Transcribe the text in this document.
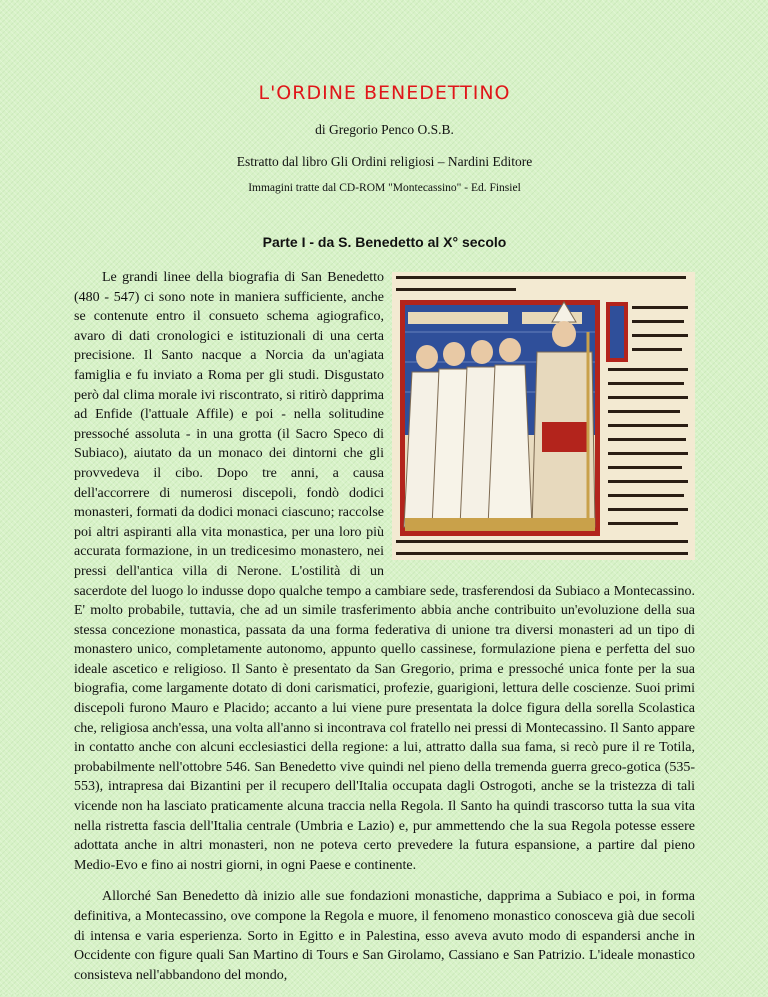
L'ORDINE BENEDETTINO
di Gregorio Penco O.S.B.
Estratto dal libro Gli Ordini religiosi – Nardini Editore
Immagini tratte dal CD-ROM "Montecassino" - Ed. Finsiel
Parte I - da S. Benedetto al X° secolo

Le grandi linee della biografia di San Benedetto (480 - 547) ci sono note in maniera sufficiente, anche se contenute entro il consueto schema agiografico, avaro di dati cronologici e istituzionali di una certa precisione. Il Santo nacque a Norcia da un'agiata famiglia e fu inviato a Roma per gli studi. Disgustato però dal clima morale ivi riscontrato, si ritirò dapprima ad Enfide (l'attuale Affile) e poi - nella solitudine pressoché assoluta - in una grotta (il Sacro Speco di Subiaco), aiutato da un monaco dei dintorni che gli provvedeva il cibo. Dopo tre anni, a causa dell'accorrere di numerosi discepoli, fondò dodici monasteri, formati da dodici monaci ciascuno; raccolse poi altri aspiranti alla vita monastica, per una loro più accurata formazione, in un tredicesimo monastero, nei pressi dell'antica villa di Nerone. L'ostilità di un sacerdote del luogo lo indusse dopo qualche tempo a cambiare sede, trasferendosi da Subiaco a Montecassino. E' molto probabile, tuttavia, che ad un simile trasferimento abbia anche contribuito un'evoluzione della sua stessa concezione monastica, passata da una forma federativa di unione tra diversi monasteri ad un tipo di monastero unico, completamente autonomo, appunto quello cassinese, formulazione piena e perfetta del suo ideale ascetico e religioso. Il Santo è presentato da San Gregorio, prima e pressoché unica fonte per la sua biografia, come largamente dotato di doni carismatici, profezie, guarigioni, lettura delle coscienze. Suoi primi discepoli furono Mauro e Placido; accanto a lui viene pure presentata la dolce figura della sorella Scolastica che, religiosa anch'essa, una volta all'anno si incontrava col fratello nei pressi di Montecassino. Il Santo appare in contatto anche con alcuni ecclesiastici della regione: a lui, attratto dalla sua fama, si recò pure il re Totila, probabilmente nell'ottobre 546. San Benedetto vive quindi nel pieno della tremenda guerra greco-gotica (535-553), intrapresa dai Bizantini per il recupero dell'Italia occupata dagli Ostrogoti, anche se la tristezza di tali vicende non ha lasciato praticamente alcuna traccia nella Regola. Il Santo ha quindi trascorso tutta la sua vita nella ristretta fascia dell'Italia centrale (Umbria e Lazio) e, pur ammettendo che la sua Regola potesse essere adottata anche in altri monasteri, non ne poteva certo prevedere la futura espansione, a partire dal pieno Medio-Evo e fino ai nostri giorni, in ogni Paese e continente.

Allorché San Benedetto dà inizio alle sue fondazioni monastiche, dapprima a Subiaco e poi, in forma definitiva, a Montecassino, ove compone la Regola e muore, il fenomeno monastico conosceva già due secoli di intensa e varia esperienza. Sorto in Egitto e in Palestina, esso aveva avuto modo di espandersi anche in Occidente con figure quali San Martino di Tours e San Girolamo, Cassiano e San Patrizio. L'ideale monastico consisteva nell'abbandono del mondo,
